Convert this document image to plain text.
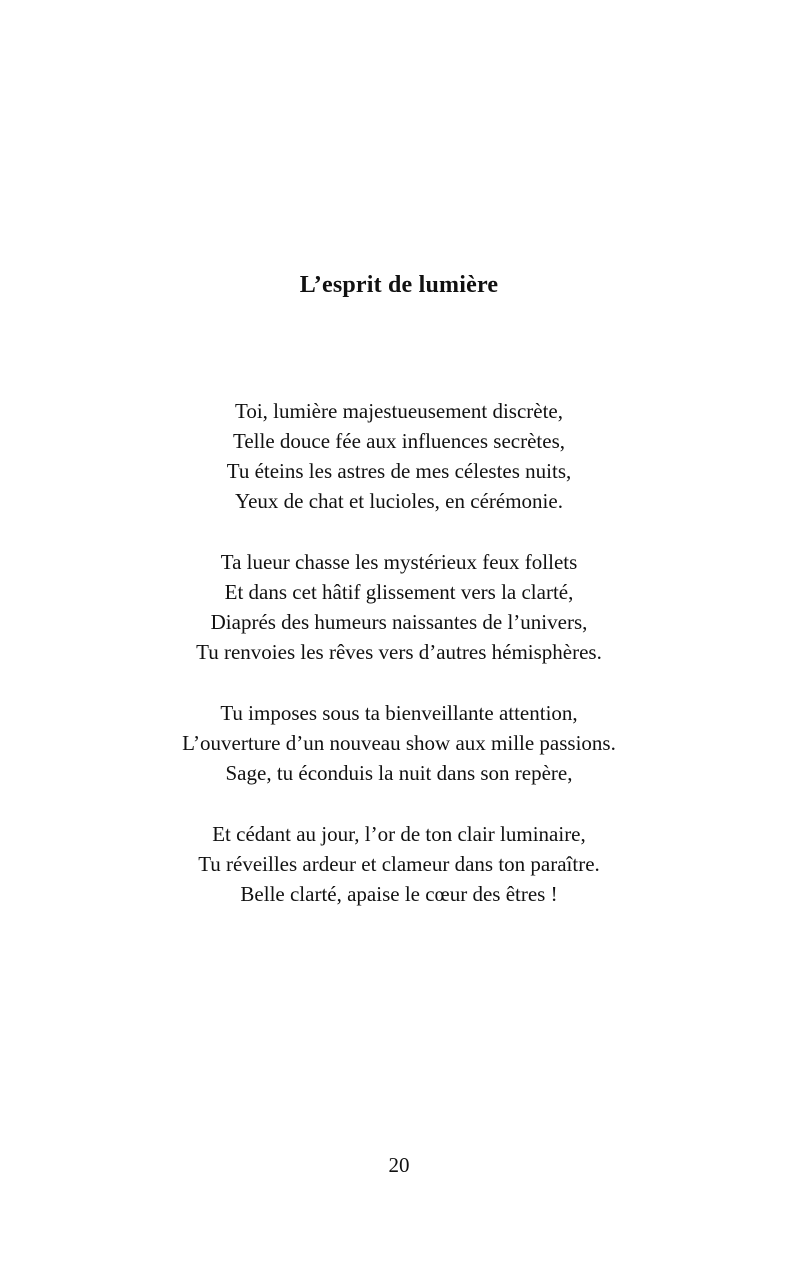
L’esprit de lumière
Toi, lumière majestueusement discrète,
Telle douce fée aux influences secrètes,
Tu éteins les astres de mes célestes nuits,
Yeux de chat et lucioles, en cérémonie.
Ta lueur chasse les mystérieux feux follets
Et dans cet hâtif glissement vers la clarté,
Diaprés des humeurs naissantes de l’univers,
Tu renvoies les rêves vers d’autres hémisphères.
Tu imposes sous ta bienveillante attention,
L’ouverture d’un nouveau show aux mille passions.
Sage, tu éconduis la nuit dans son repère,
Et cédant au jour, l’or de ton clair luminaire,
Tu réveilles ardeur et clameur dans ton paraître.
Belle clarté, apaise le cœur des êtres !
20
